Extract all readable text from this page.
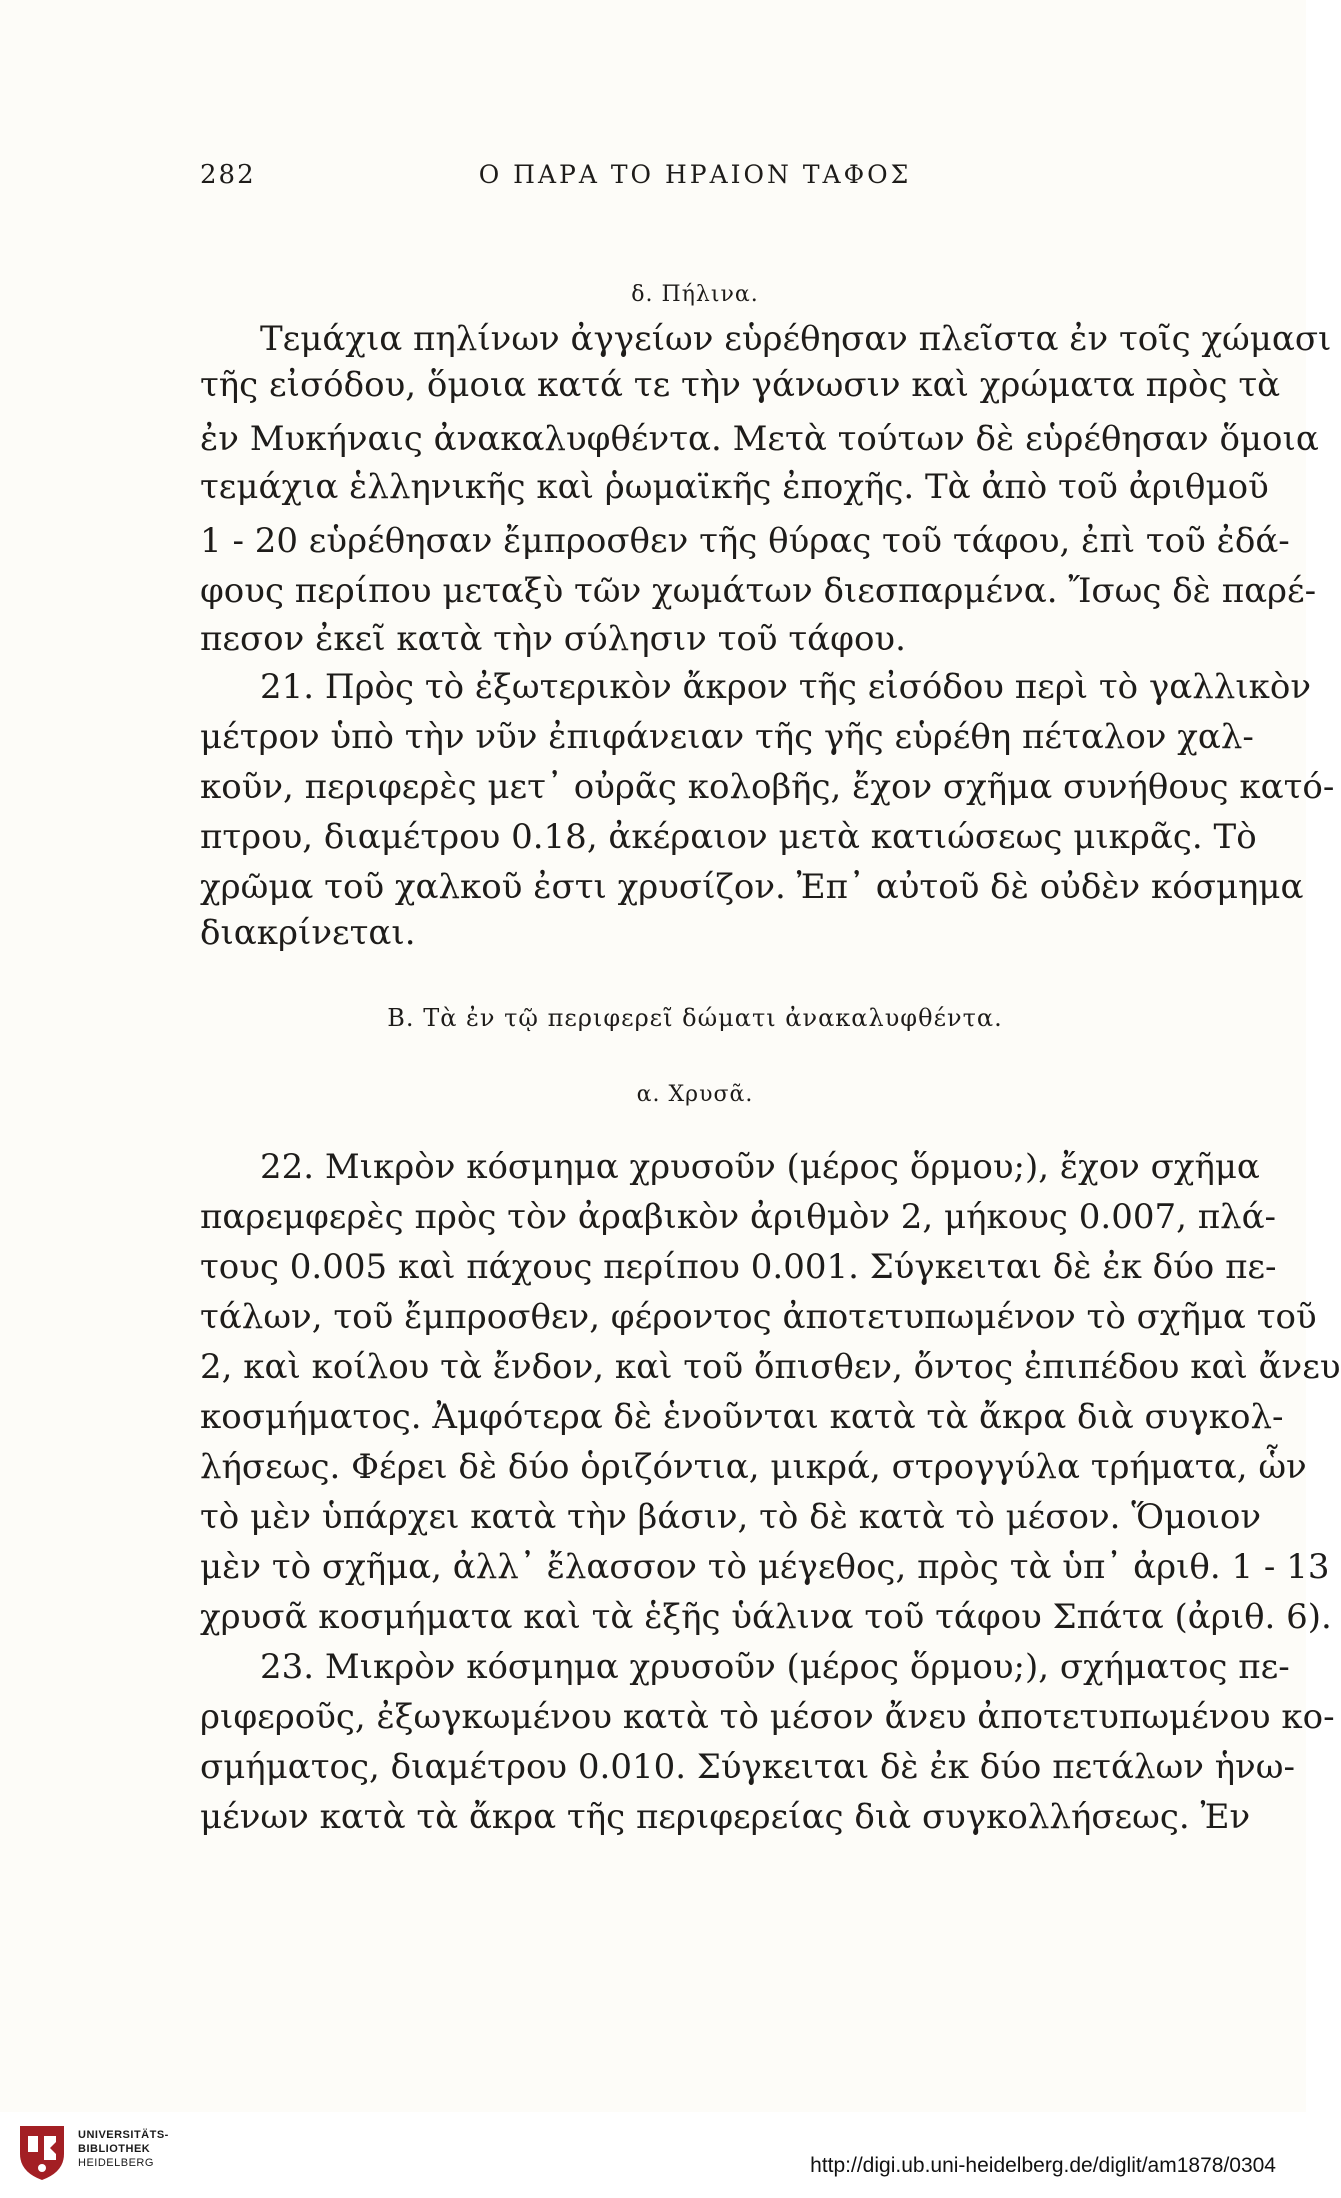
282	Ο ΠΑΡΑ ΤΟ ΗΡΑΙΟΝ ΤΑΦΟΣ
δ. Πήλινα.
Τεμάχια πηλίνων ἀγγείων εὑρέθησαν πλεῖστα ἐν τοῖς χώμασι
τῆς εἰσόδου, ὅμοια κατά τε τὴν γάνωσιν καὶ χρώματα πρὸς τὰ
ἐν Μυκήναις ἀνακαλυφθέντα. Μετὰ τούτων δὲ εὑρέθησαν ὅμοια
τεμάχια ἑλληνικῆς καὶ ῥωμαϊκῆς ἐποχῆς. Τὰ ἀπὸ τοῦ ἀριθμοῦ
1 - 20 εὑρέθησαν ἔμπροσθεν τῆς θύρας τοῦ τάφου, ἐπὶ τοῦ ἐδά-
φους περίπου μεταξὺ τῶν χωμάτων διεσπαρμένα. Ἴσως δὲ παρέ-
πεσον ἐκεῖ κατὰ τὴν σύλησιν τοῦ τάφου.
21. Πρὸς τὸ ἐξωτερικὸν ἄκρον τῆς εἰσόδου περὶ τὸ γαλλικὸν
μέτρον ὑπὸ τὴν νῦν ἐπιφάνειαν τῆς γῆς εὑρέθη πέταλον χαλ-
κοῦν, περιφερὲς μετ᾿ οὐρᾶς κολοβῆς, ἔχον σχῆμα συνήθους κατό-
πτρου, διαμέτρου 0.18, ἀκέραιον μετὰ κατιώσεως μικρᾶς. Τὸ
χρῶμα τοῦ χαλκοῦ ἐστι χρυσίζον. Ἐπ᾿ αὐτοῦ δὲ οὐδὲν κόσμημα
διακρίνεται.
Β. Τὰ ἐν τῷ περιφερεῖ δώματι ἀνακαλυφθέντα.
α. Χρυσᾶ.
22. Μικρὸν κόσμημα χρυσοῦν (μέρος ὅρμου;), ἔχον σχῆμα
παρεμφερὲς πρὸς τὸν ἀραβικὸν ἀριθμὸν 2, μήκους 0.007, πλά-
τους 0.005 καὶ πάχους περίπου 0.001. Σύγκειται δὲ ἐκ δύο πε-
τάλων, τοῦ ἔμπροσθεν, φέροντος ἀποτετυπωμένον τὸ σχῆμα τοῦ
2, καὶ κοίλου τὰ ἔνδον, καὶ τοῦ ὄπισθεν, ὄντος ἐπιπέδου καὶ ἄνευ
κοσμήματος. Ἀμφότερα δὲ ἑνοῦνται κατὰ τὰ ἄκρα διὰ συγκολ-
λήσεως. Φέρει δὲ δύο ὁριζόντια, μικρά, στρογγύλα τρήματα, ὧν
τὸ μὲν ὑπάρχει κατὰ τὴν βάσιν, τὸ δὲ κατὰ τὸ μέσον. Ὅμοιον
μὲν τὸ σχῆμα, ἀλλ᾿ ἔλασσον τὸ μέγεθος, πρὸς τὰ ὑπ᾿ ἀριθ. 1 - 13
χρυσᾶ κοσμήματα καὶ τὰ ἑξῆς ὑάλινα τοῦ τάφου Σπάτα (ἀριθ. 6).
23. Μικρὸν κόσμημα χρυσοῦν (μέρος ὅρμου;), σχήματος πε-
ριφεροῦς, ἐξωγκωμένου κατὰ τὸ μέσον ἄνευ ἀποτετυπωμένου κο-
σμήματος, διαμέτρου 0.010. Σύγκειται δὲ ἐκ δύο πετάλων ἡνω-
μένων κατὰ τὰ ἄκρα τῆς περιφερείας διὰ συγκολλήσεως. Ἐν
UNIVERSITÄTS-
BIBLIOTHEK
HEIDELBERG	http://digi.ub.uni-heidelberg.de/diglit/am1878/0304
